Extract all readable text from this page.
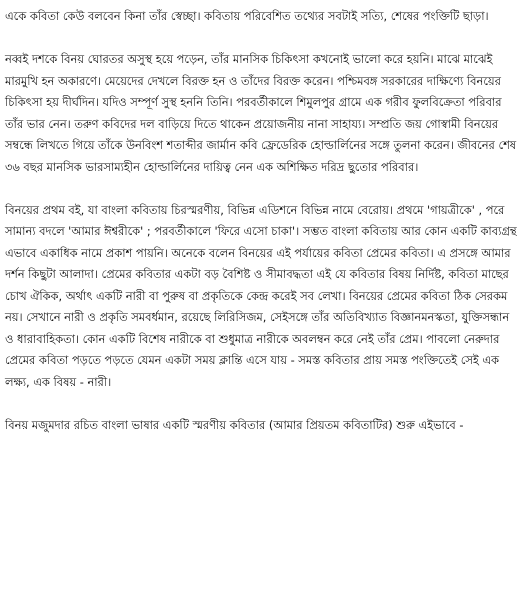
একে কবিতা কেউ বলবেন কিনা তাঁর স্বেচ্ছা। কবিতায় পরিবেশিত তথ্যের সবটাই সত্যি, শেষের পংক্তিটি ছাড়া।

নব্বই দশকে বিনয় ঘোরতর অসুস্থ হয়ে পড়েন, তাঁর মানসিক চিকিৎসা কখনোই ভালো করে হয়নি। মাঝে মাঝেই মারমুখি হন অকারণে। মেয়েদের দেখলে বিরক্ত হন ও তাঁদের বিরক্ত করেন। পশ্চিমবঙ্গ সরকারের দাক্ষিণ্যে বিনয়ের চিকিৎসা হয় দীর্ঘদিন। যদিও সম্পূর্ণ সুস্থ হননি তিনি। পরবর্তীকালে শিমুলপুর গ্রামে এক গরীব ফুলবিক্রেতা পরিবার তাঁর ভার নেন। তরুণ কবিদের দল বাড়িয়ে দিতে থাকেন প্রয়োজনীয় নানা সাহায্য। সম্প্রতি জয় গোস্বামী বিনয়ের সম্বন্ধে লিখতে গিয়ে তাঁকে উনবিংশ শতাব্দীর জার্মান কবি ফ্রেডেরিক হোল্ডার্লিনের সঙ্গে তুলনা করেন। জীবনের শেষ ৩৬ বছর মানসিক ভারসাম্যহীন হোল্ডার্লিনের দায়িত্ব নেন এক অশিক্ষিত দরিদ্র ছুতোর পরিবার।

বিনয়ের প্রথম বই, যা বাংলা কবিতায় চিরস্মরণীয়, বিভিন্ন এডিশনে বিভিন্ন নামে বেরোয়। প্রথমে 'গায়ত্রীকে' , পরে সামান্য বদলে 'আমার ঈশ্বরীকে' ; পরবর্তীকালে 'ফিরে এসো চাকা'। সম্ভত বাংলা কবিতায় আর কোন একটি কাব্যগ্রন্থ এভাবে একাধিক নামে প্রকাশ পায়নি। অনেকে বলেন বিনয়ের এই পর্যায়ের কবিতা প্রেমের কবিতা। এ প্রসঙ্গে আমার দর্শন কিছুটা আলাদা। প্রেমের কবিতার একটা বড় বৈশিষ্ট ও সীমাবদ্ধতা এই যে কবিতার বিষয় নির্দিষ্ট, কবিতা মাছের চোখ ঐকিক, অর্থাৎ একটি নারী বা পুরুষ বা প্রকৃতিকে কেন্দ্র করেই সব লেখা। বিনয়ের প্রেমের কবিতা ঠিক সেরকম নয়। সেখানে নারী ও প্রকৃতি সমবর্ধমান, রয়েছে লিরিসিজম, সেইসঙ্গে তাঁর অতিবিখ্যাত বিজ্ঞানমনস্কতা, যুক্তিসন্ধান ও ধারাবাহিকতা। কোন একটি বিশেষ নারীকে বা শুধুমাত্র নারীকে অবলম্বন করে নেই তাঁর প্রেম। পাবলো নেরুদার প্রেমের কবিতা পড়তে পড়তে যেমন একটা সময় ক্লান্তি এসে যায় - সমস্ত কবিতার প্রায় সমস্ত পংক্তিতেই সেই এক লক্ষ্য, এক বিষয় - নারী।

বিনয় মজুমদার রচিত বাংলা ভাষার একটি স্মরণীয় কবিতার (আমার প্রিয়তম কবিতাটির) শুরু এইভাবে -
